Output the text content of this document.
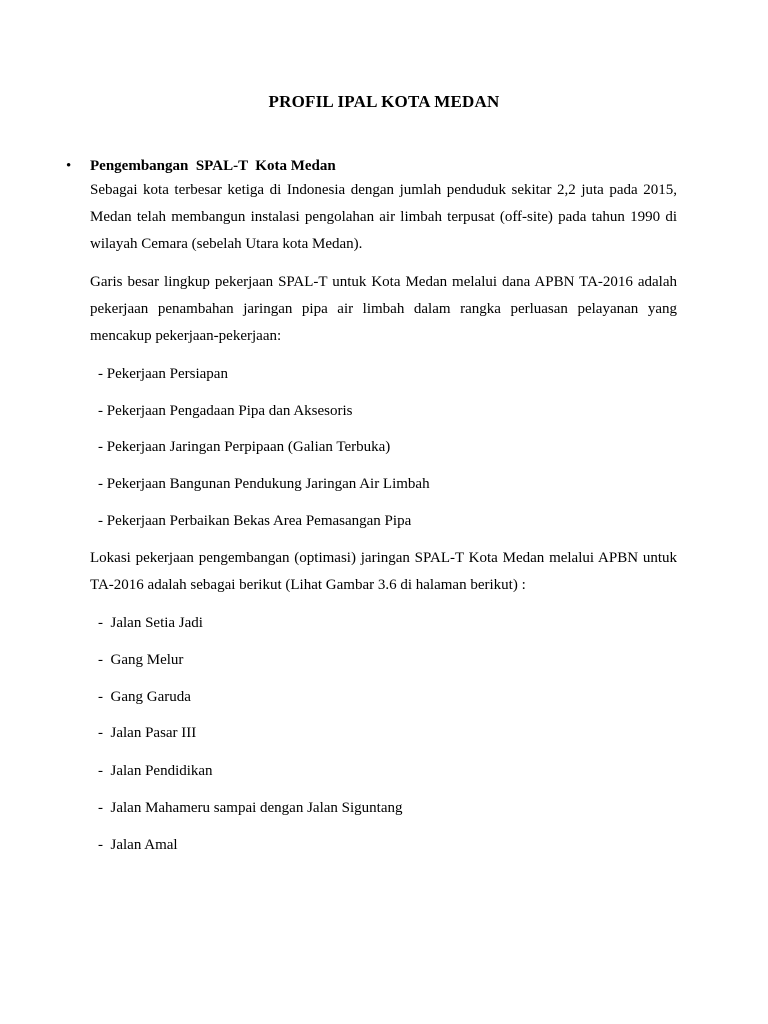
PROFIL IPAL KOTA MEDAN
• Pengembangan  SPAL-T  Kota Medan
Sebagai kota terbesar ketiga di Indonesia dengan jumlah penduduk sekitar 2,2 juta pada 2015, Medan telah membangun instalasi pengolahan air limbah terpusat (off-site) pada tahun 1990 di wilayah Cemara (sebelah Utara kota Medan).
Garis besar lingkup pekerjaan SPAL-T untuk Kota Medan melalui dana APBN TA-2016 adalah pekerjaan penambahan jaringan pipa air limbah dalam rangka perluasan pelayanan yang mencakup pekerjaan-pekerjaan:
- Pekerjaan Persiapan
- Pekerjaan Pengadaan Pipa dan Aksesoris
- Pekerjaan Jaringan Perpipaan (Galian Terbuka)
- Pekerjaan Bangunan Pendukung Jaringan Air Limbah
- Pekerjaan Perbaikan Bekas Area Pemasangan Pipa
Lokasi pekerjaan pengembangan (optimasi) jaringan SPAL-T Kota Medan melalui APBN untuk TA-2016 adalah sebagai berikut (Lihat Gambar 3.6 di halaman berikut) :
-  Jalan Setia Jadi
-  Gang Melur
-  Gang Garuda
-  Jalan Pasar III
-  Jalan Pendidikan
-  Jalan Mahameru sampai dengan Jalan Siguntang
-  Jalan Amal
